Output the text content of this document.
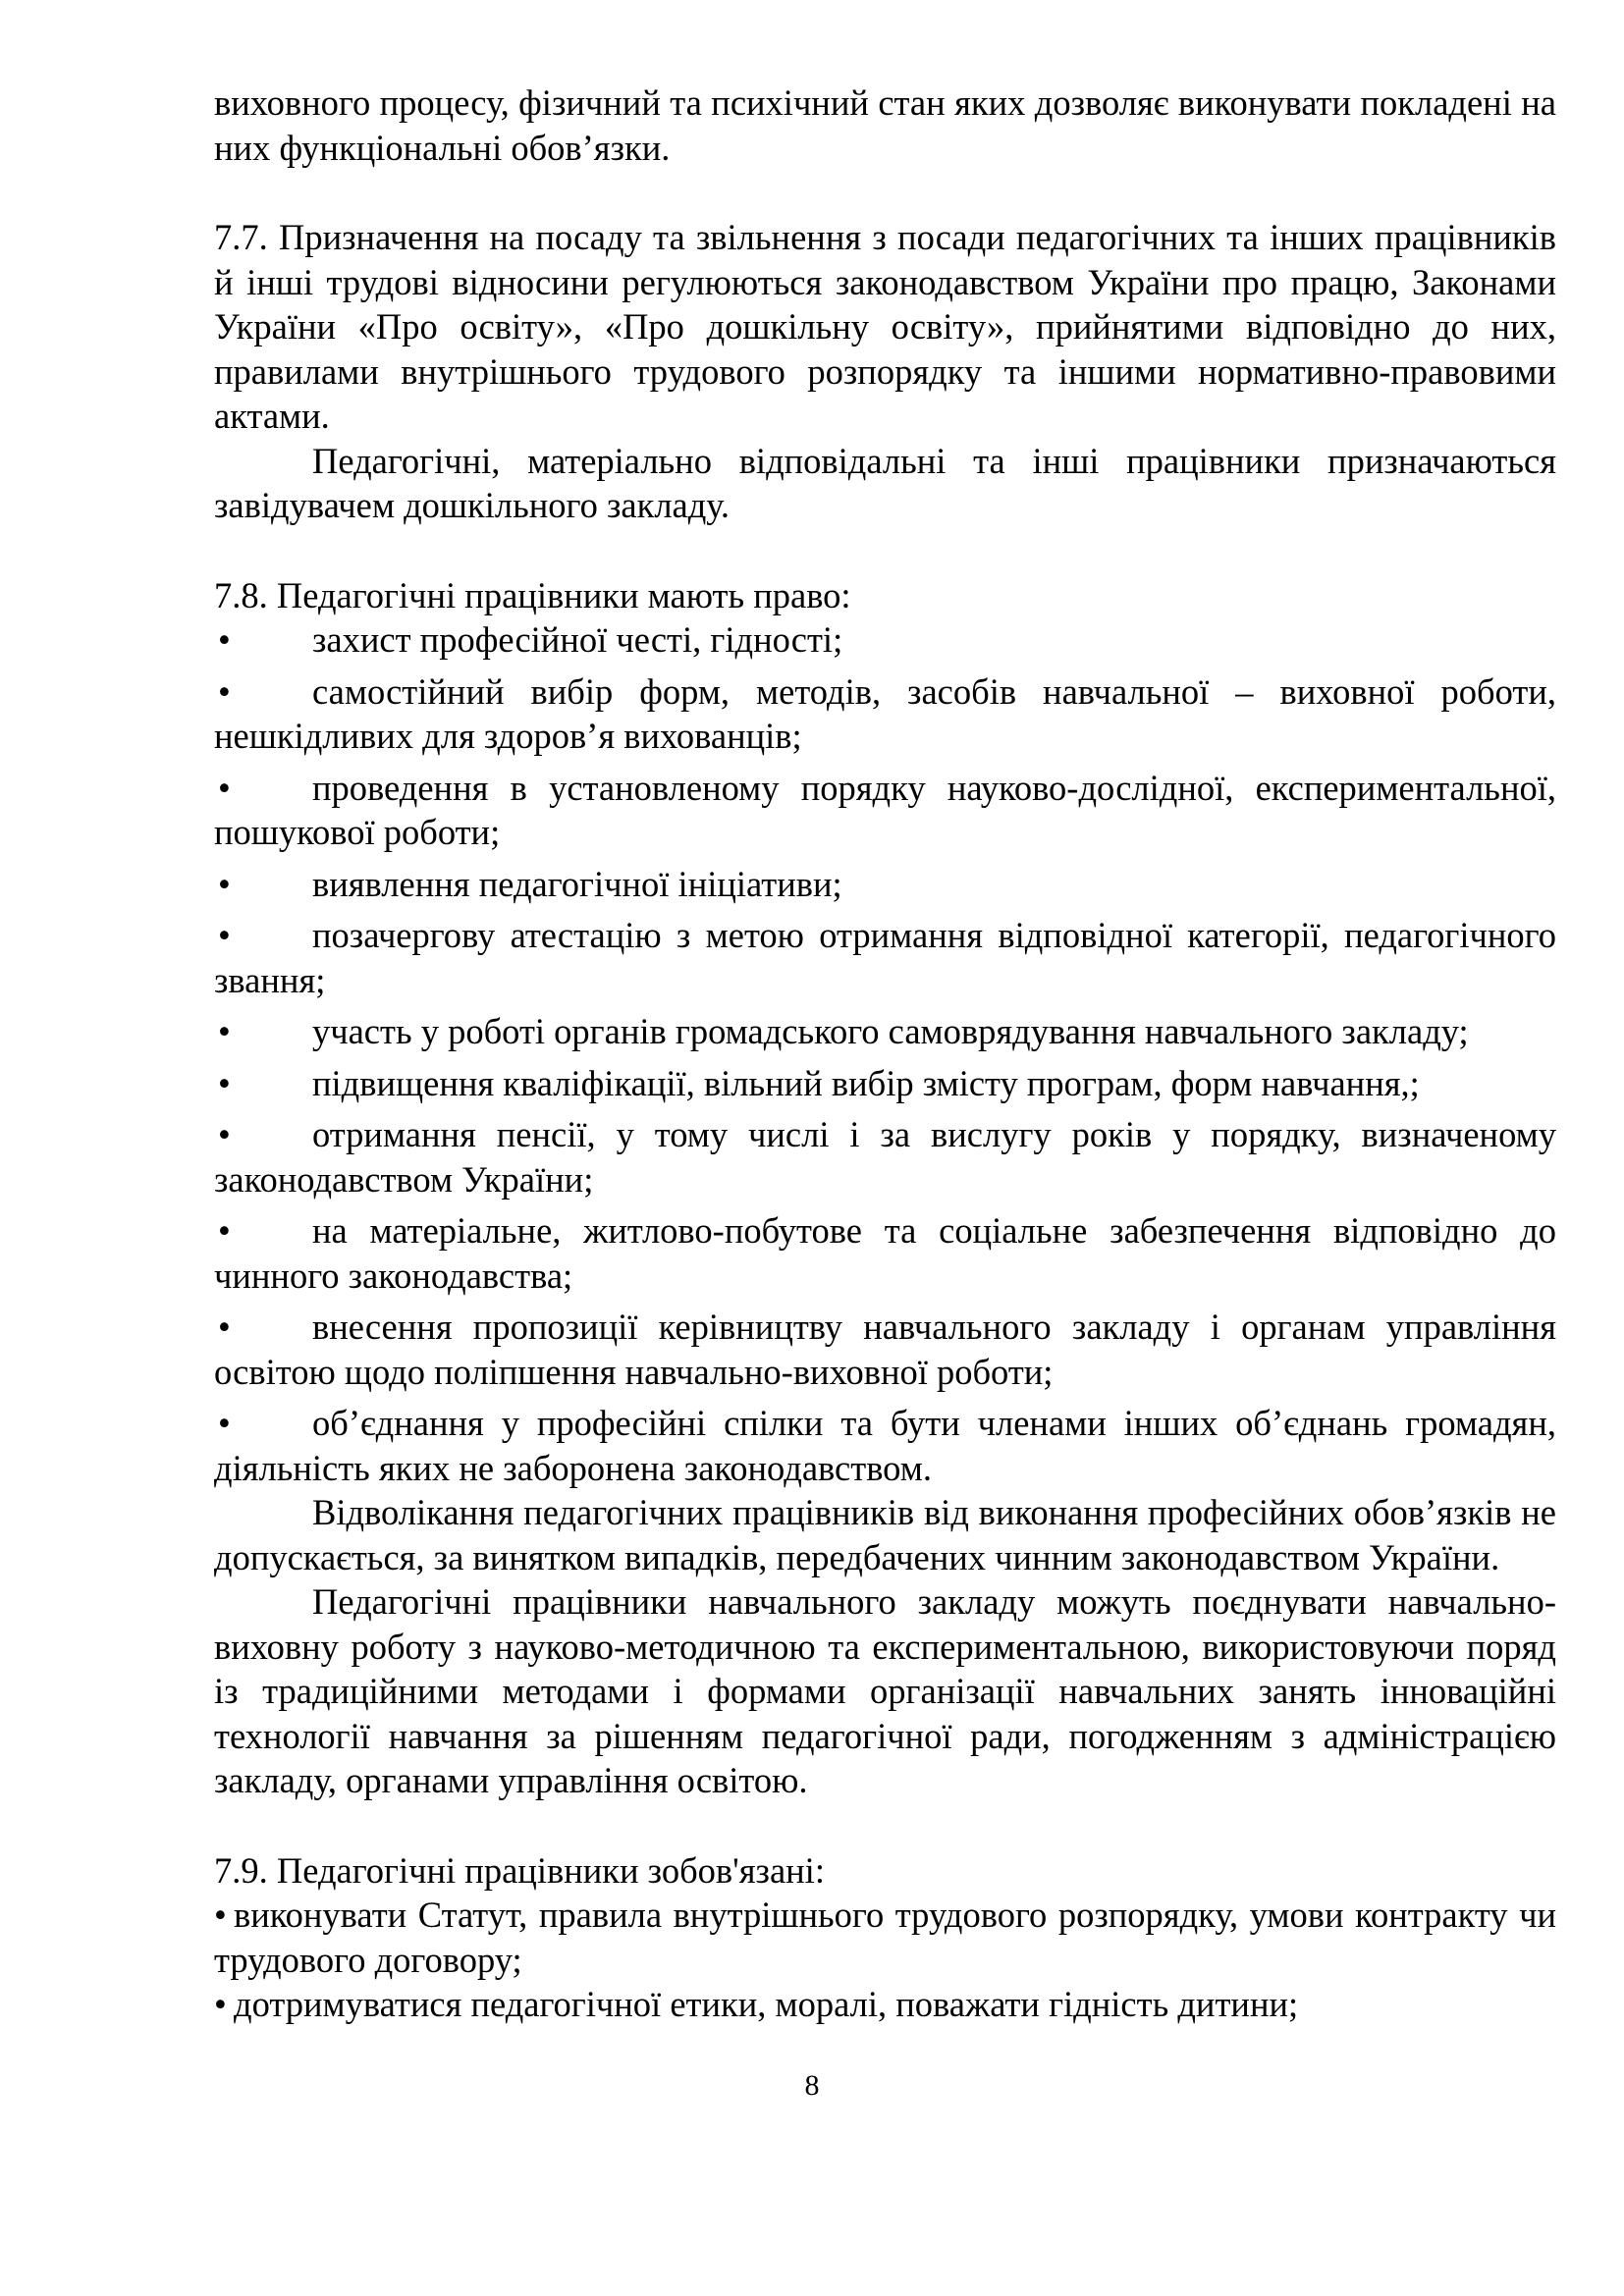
виховного процесу, фізичний та психічний стан яких дозволяє виконувати покладені на них функціональні обов’язки.

7.7. Призначення на посаду та звільнення з посади педагогічних та інших працівників й інші трудові відносини регулюються законодавством України про працю, Законами України «Про освіту», «Про дошкільну освіту», прийнятими відповідно до них, правилами внутрішнього трудового розпорядку та іншими нормативно-правовими актами.

Педагогічні, матеріально відповідальні та інші працівники призначаються завідувачем дошкільного закладу.

7.8. Педагогічні працівники мають право:

• захист професійної честі, гідності;
• самостійний вибір форм, методів, засобів навчальної – виховної роботи, нешкідливих для здоров’я вихованців;
• проведення в установленому порядку науково-дослідної, експериментальної, пошукової роботи;
• виявлення педагогічної ініціативи;
• позачергову атестацію з метою отримання відповідної категорії, педагогічного звання;
• участь у роботі органів громадського самоврядування навчального закладу;
• підвищення кваліфікації, вільний вибір змісту програм, форм навчання,;
• отримання пенсії, у тому числі і за вислугу років у порядку, визначеному законодавством України;
• на матеріальне, житлово-побутове та соціальне забезпечення відповідно до чинного законодавства;
• внесення пропозиції керівництву навчального закладу і органам управління освітою щодо поліпшення навчально-виховної роботи;
• об’єднання у професійні спілки та бути членами інших об’єднань громадян, діяльність яких не заборонена законодавством.

Відволікання педагогічних працівників від виконання професійних обов’язків не допускається, за винятком випадків, передбачених чинним законодавством України.

Педагогічні працівники навчального закладу можуть поєднувати навчально-виховну роботу з науково-методичною та експериментальною, використовуючи поряд із традиційними методами і формами організації навчальних занять інноваційні технології навчання за рішенням педагогічної ради, погодженням з адміністрацією закладу, органами управління освітою.

7.9. Педагогічні працівники зобов'язані:

• виконувати Статут, правила внутрішнього трудового розпорядку, умови контракту чи трудового договору;
• дотримуватися педагогічної етики, моралі, поважати гідність дитини;
8
